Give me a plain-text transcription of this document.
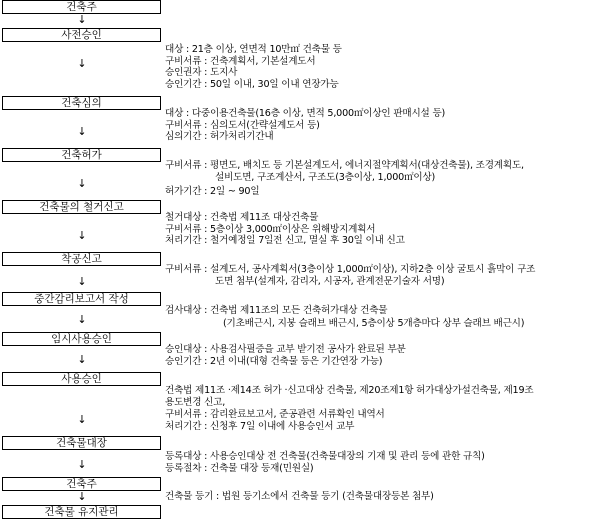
건축주
↓
사전승인
대상 : 21층 이상, 연면적 10만㎡ 건축물 등
구비서류 : 건축계획서, 기본설계도서
승인권자 : 도지사
승인기간 : 50일 이내, 30일 이내 연장가능
↓
건축심의
대상 : 다중이용건축물(16층 이상, 면적 5,000㎡이상인 판매시설 등)
구비서류 : 심의도서(간략설계도서 등)
심의기간 : 허가처리기간내
↓
건축허가
구비서류 : 평면도, 배치도 등 기본설계도서, 에너지절약계획서(대상건축물), 조경계획도,
설비도면, 구조계산서, 구조도(3층이상, 1,000㎡이상)
허가기간 : 2일 ~ 90일
↓
건축물의 철거신고
철거대상 : 건축법 제11조 대상건축물
구비서류 : 5층이상 3,000㎡이상은 위해방지계획서
처리기간 : 철거예정일 7일전 신고, 멸실 후 30일 이내 신고
↓
착공신고
구비서류 : 설계도서, 공사계획서(3층이상 1,000㎡이상), 지하2층 이상 굴토시 흙막이 구조
도면 첨부(설계자, 감리자, 시공자, 관계전문기술자 서명)
↓
중간감리보고서 작성
검사대상 : 건축법 제11조의 모든 건축허가대상 건축물
(기초배근시, 지붕 슬래브 배근시, 5층이상 5개층마다 상부 슬래브 배근시)
↓
임시사용승인
승인대상 : 사용검사필증을 교부 받기전 공사가 완료된 부분
승인기간 : 2년 이내(대형 건축물 등은 기간연장 가능)
↓
사용승인
건축법 제11조 ·제14조 허가 ·신고대상 건축물, 제20조제1항 허가대상가설건축물, 제19조
용도변경 신고,
구비서류 : 감리완료보고서, 준공관련 서류확인 내역서
처리기간 : 신청후 7일 이내에 사용승인서 교부
↓
건축물대장
등록대상 : 사용승인대상 전 건축물(건축물대장의 기재 및 관리 등에 관한 규칙)
등록절차 : 건축물 대장 등재(민원실)
↓
건축주
건축물 등기 : 법원 등기소에서 건축물 등기 (건축물대장등본 첨부)
↓
건축물 유지관리
